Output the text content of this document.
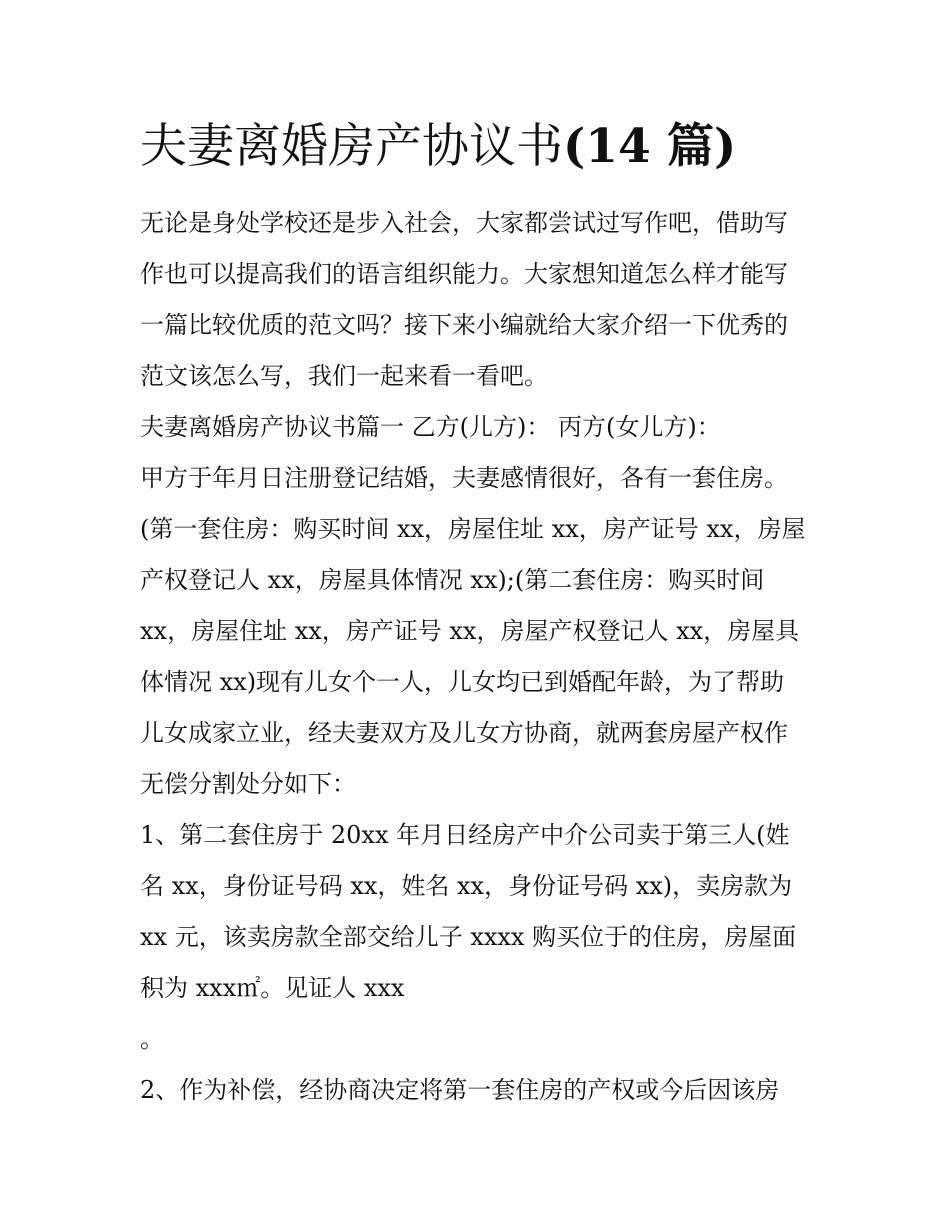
夫妻离婚房产协议书(14 篇)
无论是身处学校还是步入社会，大家都尝试过写作吧，借助写
作也可以提高我们的语言组织能力。大家想知道怎么样才能写
一篇比较优质的范文吗？接下来小编就给大家介绍一下优秀的
范文该怎么写，我们一起来看一看吧。
夫妻离婚房产协议书篇一 乙方(儿方)： 丙方(女儿方)：
甲方于年月日注册登记结婚，夫妻感情很好，各有一套住房。
(第一套住房：购买时间 xx，房屋住址 xx，房产证号 xx，房屋
产权登记人 xx，房屋具体情况 xx);(第二套住房：购买时间
xx，房屋住址 xx，房产证号 xx，房屋产权登记人 xx，房屋具
体情况 xx)现有儿女个一人，儿女均已到婚配年龄，为了帮助
儿女成家立业，经夫妻双方及儿女方协商，就两套房屋产权作
无偿分割处分如下：
1、第二套住房于 20xx 年月日经房产中介公司卖于第三人(姓
名 xx，身份证号码 xx，姓名 xx，身份证号码 xx)，卖房款为
xx 元，该卖房款全部交给儿子 xxxx 购买位于的住房，房屋面
积为 xxx㎡。见证人 xxx
。
2、作为补偿，经协商决定将第一套住房的产权或今后因该房
